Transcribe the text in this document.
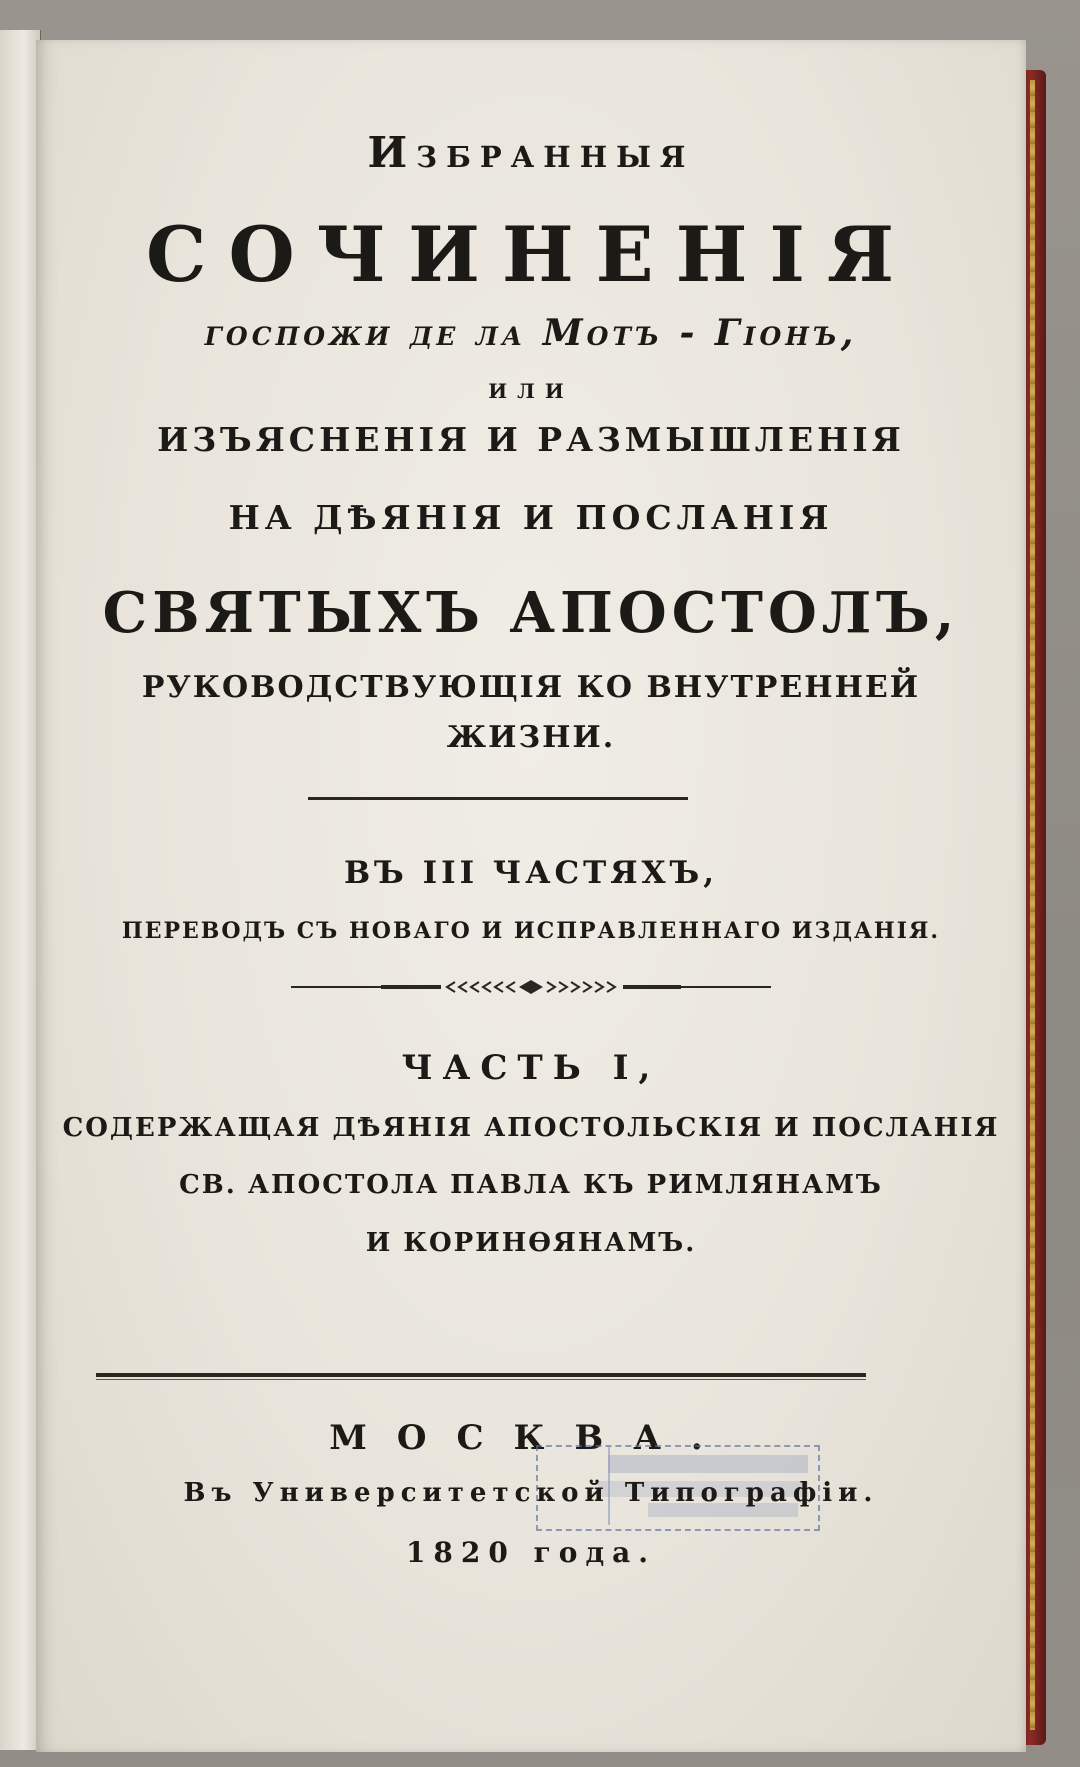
Избранныя
СОЧИНЕНІЯ
госпожи де ла Мотъ - Гіонъ,
или
ИЗЪЯСНЕНІЯ И РАЗМЫШЛЕНІЯ
НА ДѢЯНІЯ И ПОСЛАНІЯ
СВЯТЫХЪ АПОСТОЛЪ,
РУКОВОДСТВУЮЩІЯ КО ВНУТРЕННЕЙ
ЖИЗНИ.
ВЪ III ЧАСТЯХЪ,
ПЕРЕВОДЪ СЪ НОВАГО И ИСПРАВЛЕННАГО ИЗДАНІЯ.
ЧАСТЬ I,
СОДЕРЖАЩАЯ ДѢЯНІЯ АПОСТОЛЬСКІЯ И ПОСЛАНІЯ
СВ. АПОСТОЛА ПАВЛА КЪ РИМЛЯНАМЪ
И КОРИНѲЯНАМЪ.
МОСКВА.
Въ Университетской Типографіи.
1820 года.
